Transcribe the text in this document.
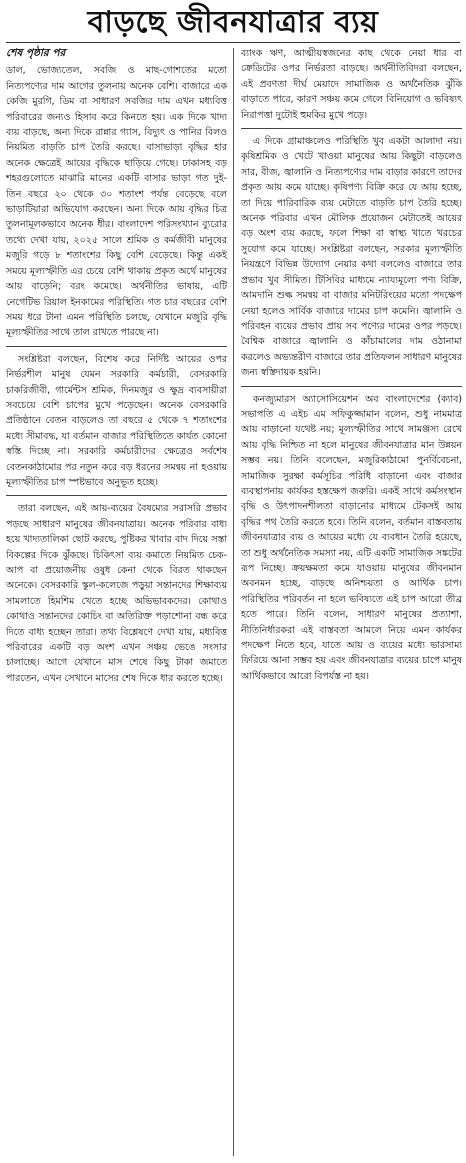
বাড়ছে জীবনযাত্রার ব্যয়
শেষ পৃষ্ঠার পর

ডাল, ভোজ্যতেল, সবজি ও মাছ-গোশতের মতো নিত্যপণ্যের দাম আগের তুলনায় অনেক বেশি। বাজারে এক কেজি মুরগি, ডিম বা সাধারণ সবজির দাম এখন মধ্যবিত্ত পরিবারের জন্যও হিসাব করে কিনতে হয়। এক দিকে খাদ্য ব্যয় বাড়ছে, অন্য দিকে রান্নার গ্যাস, বিদ্যুৎ ও পানির বিলও নিয়মিত বাড়তি চাপ তৈরি করছে। বাসাভাড়া বৃদ্ধির হার অনেক ক্ষেত্রেই আয়ের বৃদ্ধিকে ছাড়িয়ে গেছে। ঢাকাসহ বড় শহরগুলোতে মাঝারি মানের একটি বাসার ভাড়া গত দুই-তিন বছরে ২০ থেকে ৩০ শতাংশ পর্যন্ত বেড়েছে বলে ভাড়াটিয়ারা অভিযোগ করছেন। অন্য দিকে আয় বৃদ্ধির চিত্র তুলনামূলকভাবে অনেক ধীর। বাংলাদেশ পরিসংখ্যান ব্যুরোর তথ্যে দেখা যায়, ২০২৫ সালে শ্রমিক ও কর্মজীবী মানুষের মজুরি গড়ে ৮ শতাংশের কিছু বেশি বেড়েছে। কিন্তু একই সময়ে মূল্যস্ফীতি এর চেয়ে বেশি থাকায় প্রকৃত অর্থে মানুষের আয় বাড়েনি; বরং কমেছে। অর্থনীতির ভাষায়, এটি নেগেটিভ রিয়াল ইনকামের পরিস্থিতি। গত চার বছরের বেশি সময় ধরে টানা এমন পরিস্থিতি চলছে, যেখানে মজুরি বৃদ্ধি মূল্যস্ফীতির সাথে তাল রাখতে পারছে না।

সংশ্লিষ্টরা বলছেন, বিশেষ করে নির্দিষ্ট আয়ের ওপর নির্ভরশীল মানুষ যেমন সরকারি কর্মচারী, বেসরকারি চাকরিজীবী, গার্মেন্টস শ্রমিক, দিনমজুর ও ক্ষুদ্র ব্যবসায়ীরা সবচেয়ে বেশি চাপের মুখে পড়েছেন। অনেক বেসরকারি প্রতিষ্ঠানে বেতন বাড়লেও তা বছরে ৫ থেকে ৭ শতাংশের মধ্যে সীমাবদ্ধ, যা বর্তমান বাজার পরিস্থিতিতে কার্যত কোনো স্বস্তি দিচ্ছে না। সরকারি কর্মচারীদের ক্ষেত্রেও সর্বশেষ বেতনকাঠামোর পর নতুন করে বড় ধরনের সমন্বয় না হওয়ায় মূল্যস্ফীতির চাপ স্পষ্টভাবে অনুভূত হচ্ছে।

তারা বলছেন, এই আয়-ব্যয়ের বৈষম্যের সরাসরি প্রভাব পড়ছে সাধারণ মানুষের জীবনযাত্রায়। অনেক পরিবার বাধ্য হয়ে খাদ্যতালিকা ছোট করছে, পুষ্টিকর খাবার বাদ দিয়ে সস্তা বিকল্পের দিকে ঝুঁকছে। চিকিৎসা ব্যয় কমাতে নিয়মিত চেক-আপ বা প্রয়োজনীয় ওষুধ কেনা থেকে বিরত থাকছেন অনেকে। বেসরকারি স্কুল-কলেজে পড়ুয়া সন্তানদের শিক্ষাব্যয় সামলাতে হিমশিম খেতে হচ্ছে অভিভাবকদের। কোথাও কোথাও সন্তানদের কোচিং বা অতিরিক্ত পড়াশোনা বন্ধ করে দিতে বাধ্য হচ্ছেন তারা। তথ্য বিশ্লেষণে দেখা যায়, মধ্যবিত্ত পরিবারের একটি বড় অংশ এখন সঞ্চয় ভেঙে সংসার চালাচ্ছে। আগে যেখানে মাস শেষে কিছু টাকা জমাতে পারতেন, এখন সেখানে মাসের শেষ দিকে ধার করতে হচ্ছে।

ব্যাংক ঋণ, আত্মীয়স্বজনের কাছ থেকে নেয়া ধার বা ক্রেডিটের ওপর নির্ভরতা বাড়ছে। অর্থনীতিবিদরা বলছেন, এই প্রবণতা দীর্ঘ মেয়াদে সামাজিক ও অর্থনৈতিক ঝুঁকি বাড়াতে পারে, কারণ সঞ্চয় কমে গেলে বিনিয়োগ ও ভবিষ্যৎ নিরাপত্তা দুটোই হুমকির মুখে পড়ে।

এ দিকে গ্রামাঞ্চলেও পরিস্থিতি খুব একটা আলাদা নয়। কৃষিশ্রমিক ও খেটে খাওয়া মানুষের আয় কিছুটা বাড়লেও সার, বীজ, জ্বালানি ও নিত্যপণ্যের দাম বাড়ার কারণে তাদের প্রকৃত আয় কমে যাচ্ছে। কৃষিপণ্য বিক্রি করে যে আয় হচ্ছে, তা দিয়ে পারিবারিক ব্যয় মেটাতে বাড়তি চাপ তৈরি হচ্ছে। অনেক পরিবার এখন মৌলিক প্রয়োজন মেটাতেই আয়ের বড় অংশ ব্যয় করছে, ফলে শিক্ষা বা স্বাস্থ্য খাতে খরচের সুযোগ কমে যাচ্ছে। সংশ্লিষ্টরা বলছেন, সরকার মূল্যস্ফীতি নিয়ন্ত্রণে বিভিন্ন উদ্যোগ নেয়ার কথা বললেও বাজারে তার প্রভাব খুব সীমিত। টিসিবির মাধ্যমে ন্যায্যমূল্যে পণ্য বিক্রি, আমদানি শুল্ক সমন্বয় বা বাজার মনিটরিংয়ের মতো পদক্ষেপ নেয়া হলেও সার্বিক বাজারে দামের চাপ কমেনি। জ্বালানি ও পরিবহন ব্যয়ের প্রভাব প্রায় সব পণ্যের দামের ওপর পড়ছে। বৈশ্বিক বাজারে জ্বালানি ও কাঁচামালের দাম ওঠানামা করলেও অভ্যন্তরীণ বাজারে তার প্রতিফলন সাধারণ মানুষের জন্য স্বস্তিদায়ক হয়নি।

কনজ্যুমারস অ্যাসোসিয়েশন অব বাংলাদেশের (ক্যাব) সভাপতি এ এইচ এম সফিকুজ্জামান বলেন, শুধু নামমাত্র আয় বাড়ানো যথেষ্ট নয়; মূল্যস্ফীতির সাথে সামঞ্জস্য রেখে আয় বৃদ্ধি নিশ্চিত না হলে মানুষের জীবনযাত্রার মান উন্নয়ন সম্ভব নয়। তিনি বলেছেন, মজুরিকাঠামো পুনর্বিবেচনা, সামাজিক সুরক্ষা কর্মসূচির পরিধি বাড়ানো এবং বাজার ব্যবস্থাপনায় কার্যকর হস্তক্ষেপ জরুরি। একই সাথে কর্মসংস্থান বৃদ্ধি ও উৎপাদনশীলতা বাড়ানোর মাধ্যমে টেকসই আয় বৃদ্ধির পথ তৈরি করতে হবে। তিনি বলেন, বর্তমান বাস্তবতায় জীবনযাত্রার ব্যয় ও আয়ের মধ্যে যে ব্যবধান তৈরি হয়েছে, তা শুধু অর্থনৈতিক সমস্যা নয়, এটি একটি সামাজিক সঙ্কটের রূপ নিচ্ছে। ক্রয়ক্ষমতা কমে যাওয়ায় মানুষের জীবনমান অবনমন হচ্ছে, বাড়ছে অনিশ্চয়তা ও আর্থিক চাপ। পরিস্থিতির পরিবর্তন না হলে ভবিষ্যতে এই চাপ আরো তীব্র হতে পারে। তিনি বলেন, সাধারণ মানুষের প্রত্যাশা, নীতিনির্ধারকরা এই বাস্তবতা আমলে নিয়ে এমন কার্যকর পদক্ষেপ নিতে হবে, যাতে আয় ও ব্যয়ের মধ্যে ভারসাম্য ফিরিয়ে আনা সম্ভব হয় এবং জীবনযাত্রার ব্যয়ের চাপে মানুষ আর্থিকভাবে আরো বিপর্যস্ত না হয়।
